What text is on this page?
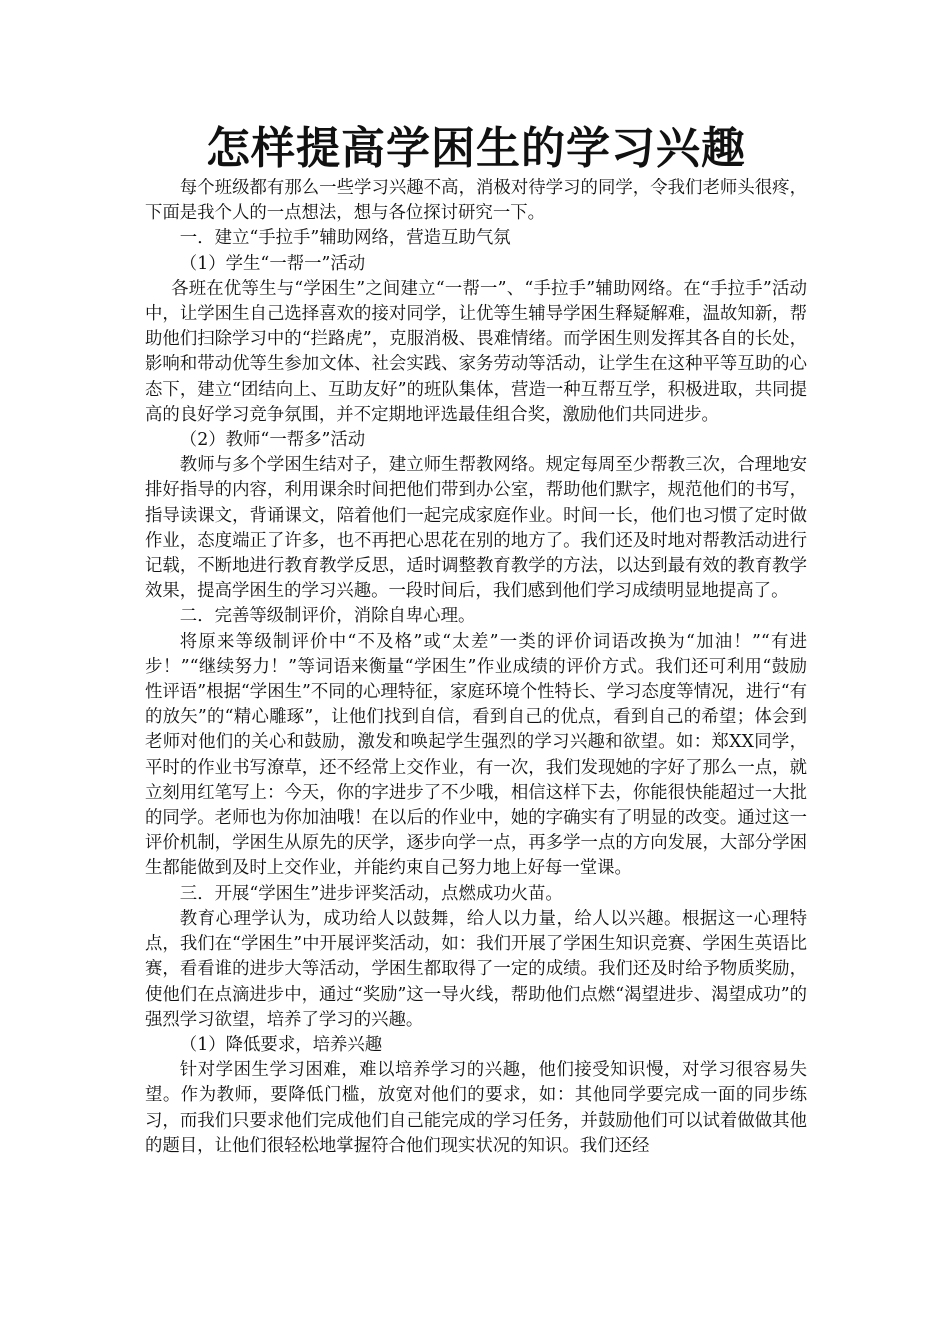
怎样提高学困生的学习兴趣

每个班级都有那么一些学习兴趣不高，消极对待学习的同学，令我们老师头很疼，下面是我个人的一点想法，想与各位探讨研究一下。

一．建立“手拉手”辅助网络，营造互助气氛

（1）学生“一帮一”活动

各班在优等生与“学困生”之间建立“一帮一”、“手拉手”辅助网络。在“手拉手”活动中，让学困生自己选择喜欢的接对同学，让优等生辅导学困生释疑解难，温故知新，帮助他们扫除学习中的“拦路虎”，克服消极、畏难情绪。而学困生则发挥其各自的长处，影响和带动优等生参加文体、社会实践、家务劳动等活动，让学生在这种平等互助的心态下，建立“团结向上、互助友好”的班队集体，营造一种互帮互学，积极进取，共同提高的良好学习竞争氛围，并不定期地评选最佳组合奖，激励他们共同进步。

（2）教师“一帮多”活动

教师与多个学困生结对子，建立师生帮教网络。规定每周至少帮教三次，合理地安排好指导的内容，利用课余时间把他们带到办公室，帮助他们默字，规范他们的书写，指导读课文，背诵课文，陪着他们一起完成家庭作业。时间一长，他们也习惯了定时做作业，态度端正了许多，也不再把心思花在别的地方了。我们还及时地对帮教活动进行记载，不断地进行教育教学反思，适时调整教育教学的方法，以达到最有效的教育教学效果，提高学困生的学习兴趣。一段时间后，我们感到他们学习成绩明显地提高了。

二．完善等级制评价，消除自卑心理。

将原来等级制评价中“不及格”或“太差”一类的评价词语改换为“加油！”“有进步！”“继续努力！”等词语来衡量“学困生”作业成绩的评价方式。我们还可利用“鼓励性评语”根据“学困生”不同的心理特征，家庭环境个性特长、学习态度等情况，进行“有的放矢”的“精心雕琢”，让他们找到自信，看到自己的优点，看到自己的希望；体会到老师对他们的关心和鼓励，激发和唤起学生强烈的学习兴趣和欲望。如：郑XX同学，平时的作业书写潦草，还不经常上交作业，有一次，我们发现她的字好了那么一点，就立刻用红笔写上：今天，你的字进步了不少哦，相信这样下去，你能很快能超过一大批的同学。老师也为你加油哦！在以后的作业中，她的字确实有了明显的改变。通过这一评价机制，学困生从原先的厌学，逐步向学一点，再多学一点的方向发展，大部分学困生都能做到及时上交作业，并能约束自己努力地上好每一堂课。

三．开展“学困生”进步评奖活动，点燃成功火苗。

教育心理学认为，成功给人以鼓舞，给人以力量，给人以兴趣。根据这一心理特点，我们在“学困生”中开展评奖活动，如：我们开展了学困生知识竞赛、学困生英语比赛，看看谁的进步大等活动，学困生都取得了一定的成绩。我们还及时给予物质奖励，使他们在点滴进步中，通过“奖励”这一导火线，帮助他们点燃“渴望进步、渴望成功”的强烈学习欲望，培养了学习的兴趣。

（1）降低要求，培养兴趣

针对学困生学习困难，难以培养学习的兴趣，他们接受知识慢，对学习很容易失望。作为教师，要降低门槛，放宽对他们的要求，如：其他同学要完成一面的同步练习，而我们只要求他们完成他们自己能完成的学习任务，并鼓励他们可以试着做做其他的题目，让他们很轻松地掌握符合他们现实状况的知识。我们还经
